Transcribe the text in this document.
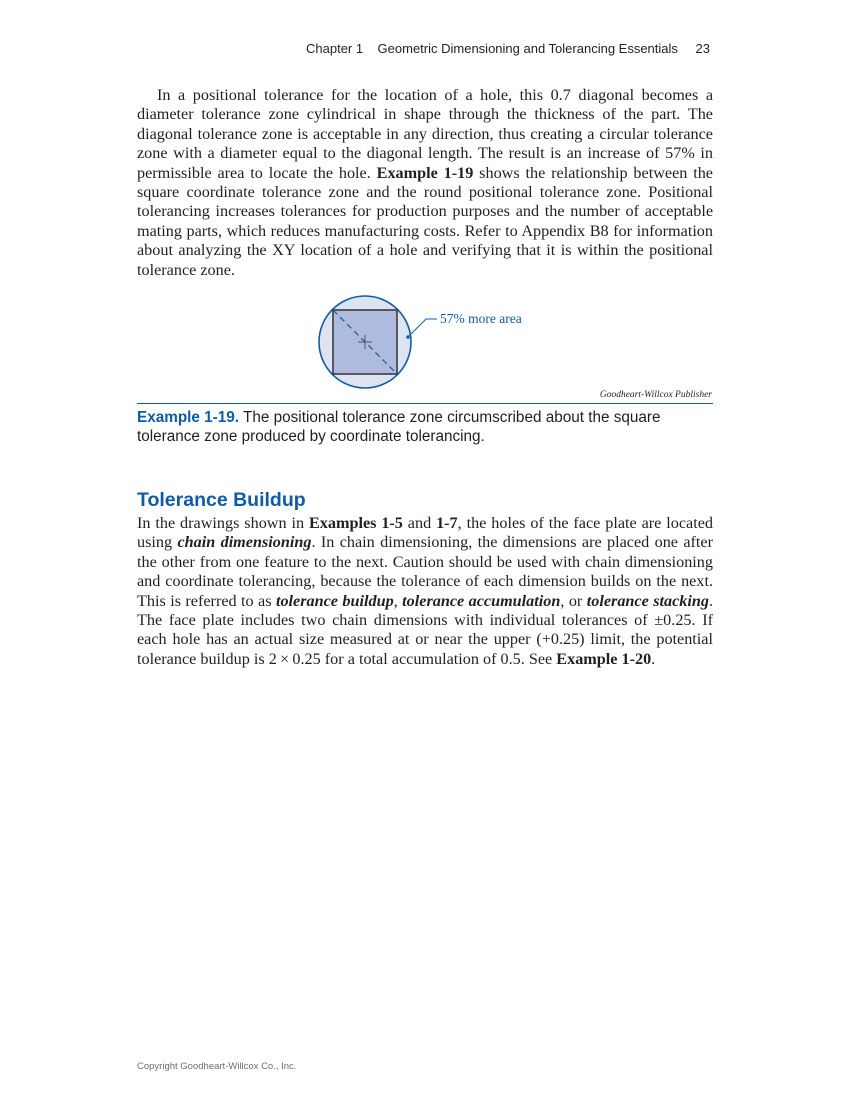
Chapter 1 Geometric Dimensioning and Tolerancing Essentials 23

In a positional tolerance for the location of a hole, this 0.7 diagonal becomes a diameter tolerance zone cylindrical in shape through the thickness of the part. The diagonal tolerance zone is acceptable in any direction, thus creating a circular tolerance zone with a diameter equal to the diagonal length. The result is an increase of 57% in permissible area to locate the hole. Example 1-19 shows the relationship between the square coordinate tolerance zone and the round positional tolerance zone. Positional tolerancing increases tolerances for production purposes and the number of acceptable mating parts, which reduces manufacturing costs. Refer to Appendix B8 for information about analyzing the XY location of a hole and verifying that it is within the positional tolerance zone.

57% more area
Goodheart-Willcox Publisher
Example 1-19. The positional tolerance zone circumscribed about the square tolerance zone produced by coordinate tolerancing.
Tolerance Buildup

In the drawings shown in Examples 1-5 and 1-7, the holes of the face plate are located using chain dimensioning. In chain dimensioning, the dimensions are placed one after the other from one feature to the next. Caution should be used with chain dimensioning and coordinate tolerancing, because the tolerance of each dimension builds on the next. This is referred to as tolerance buildup, tolerance accumulation, or tolerance stacking. The face plate includes two chain dimensions with individual tolerances of ±0.25. If each hole has an actual size measured at or near the upper (+0.25) limit, the potential tolerance buildup is 2 × 0.25 for a total accumulation of 0.5. See Example 1-20.

Copyright Goodheart-Willcox Co., Inc.
